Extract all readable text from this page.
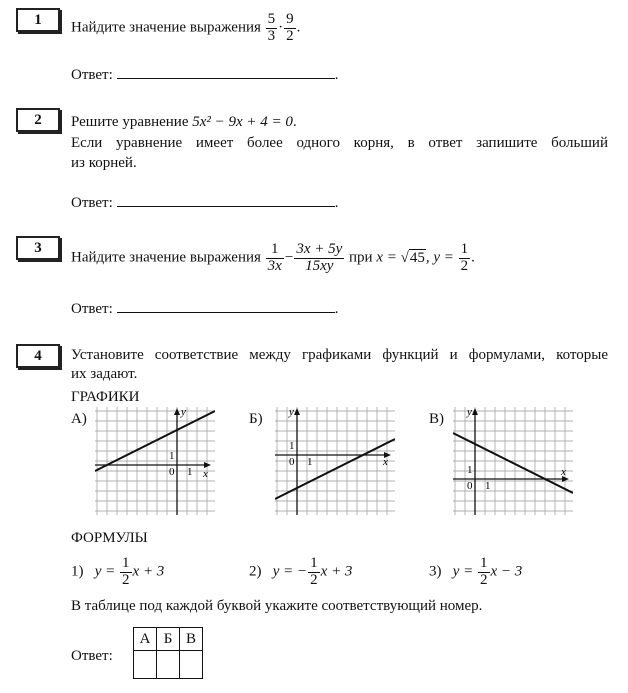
1	Найдите значение выражения $\frac{5}{3} \cdot \frac{9}{2}$ .
Ответ:	.
2	Решите уравнение 5x² − 9x + 4 = 0.
Если уравнение имеет более одного корня, в ответ запишите больший
из корней.
Ответ:	.
3
Найдите значение выражения $\frac{1}{3x} - \frac{3x + 5y}{15xy}$ при x = √45, $y = \frac{1}{2}$ .
Ответ:	.
4	Установите соответствие между графиками функций и формулами, которые
их задают.
ГРАФИКИ
А)	Б)	В)
y
x
0 1
1
y
x
0 1
1
y
x
0 1
1
ФОРМУЛЫ
1) $y = \frac{1}{2}$ x + 3	2) y = − $\frac{1}{2}$ x + 3	3) $y = \frac{1}{2}$ x − 3
В таблице под каждой буквой укажите соответствующий номер.
Ответ:
А	Б	В
